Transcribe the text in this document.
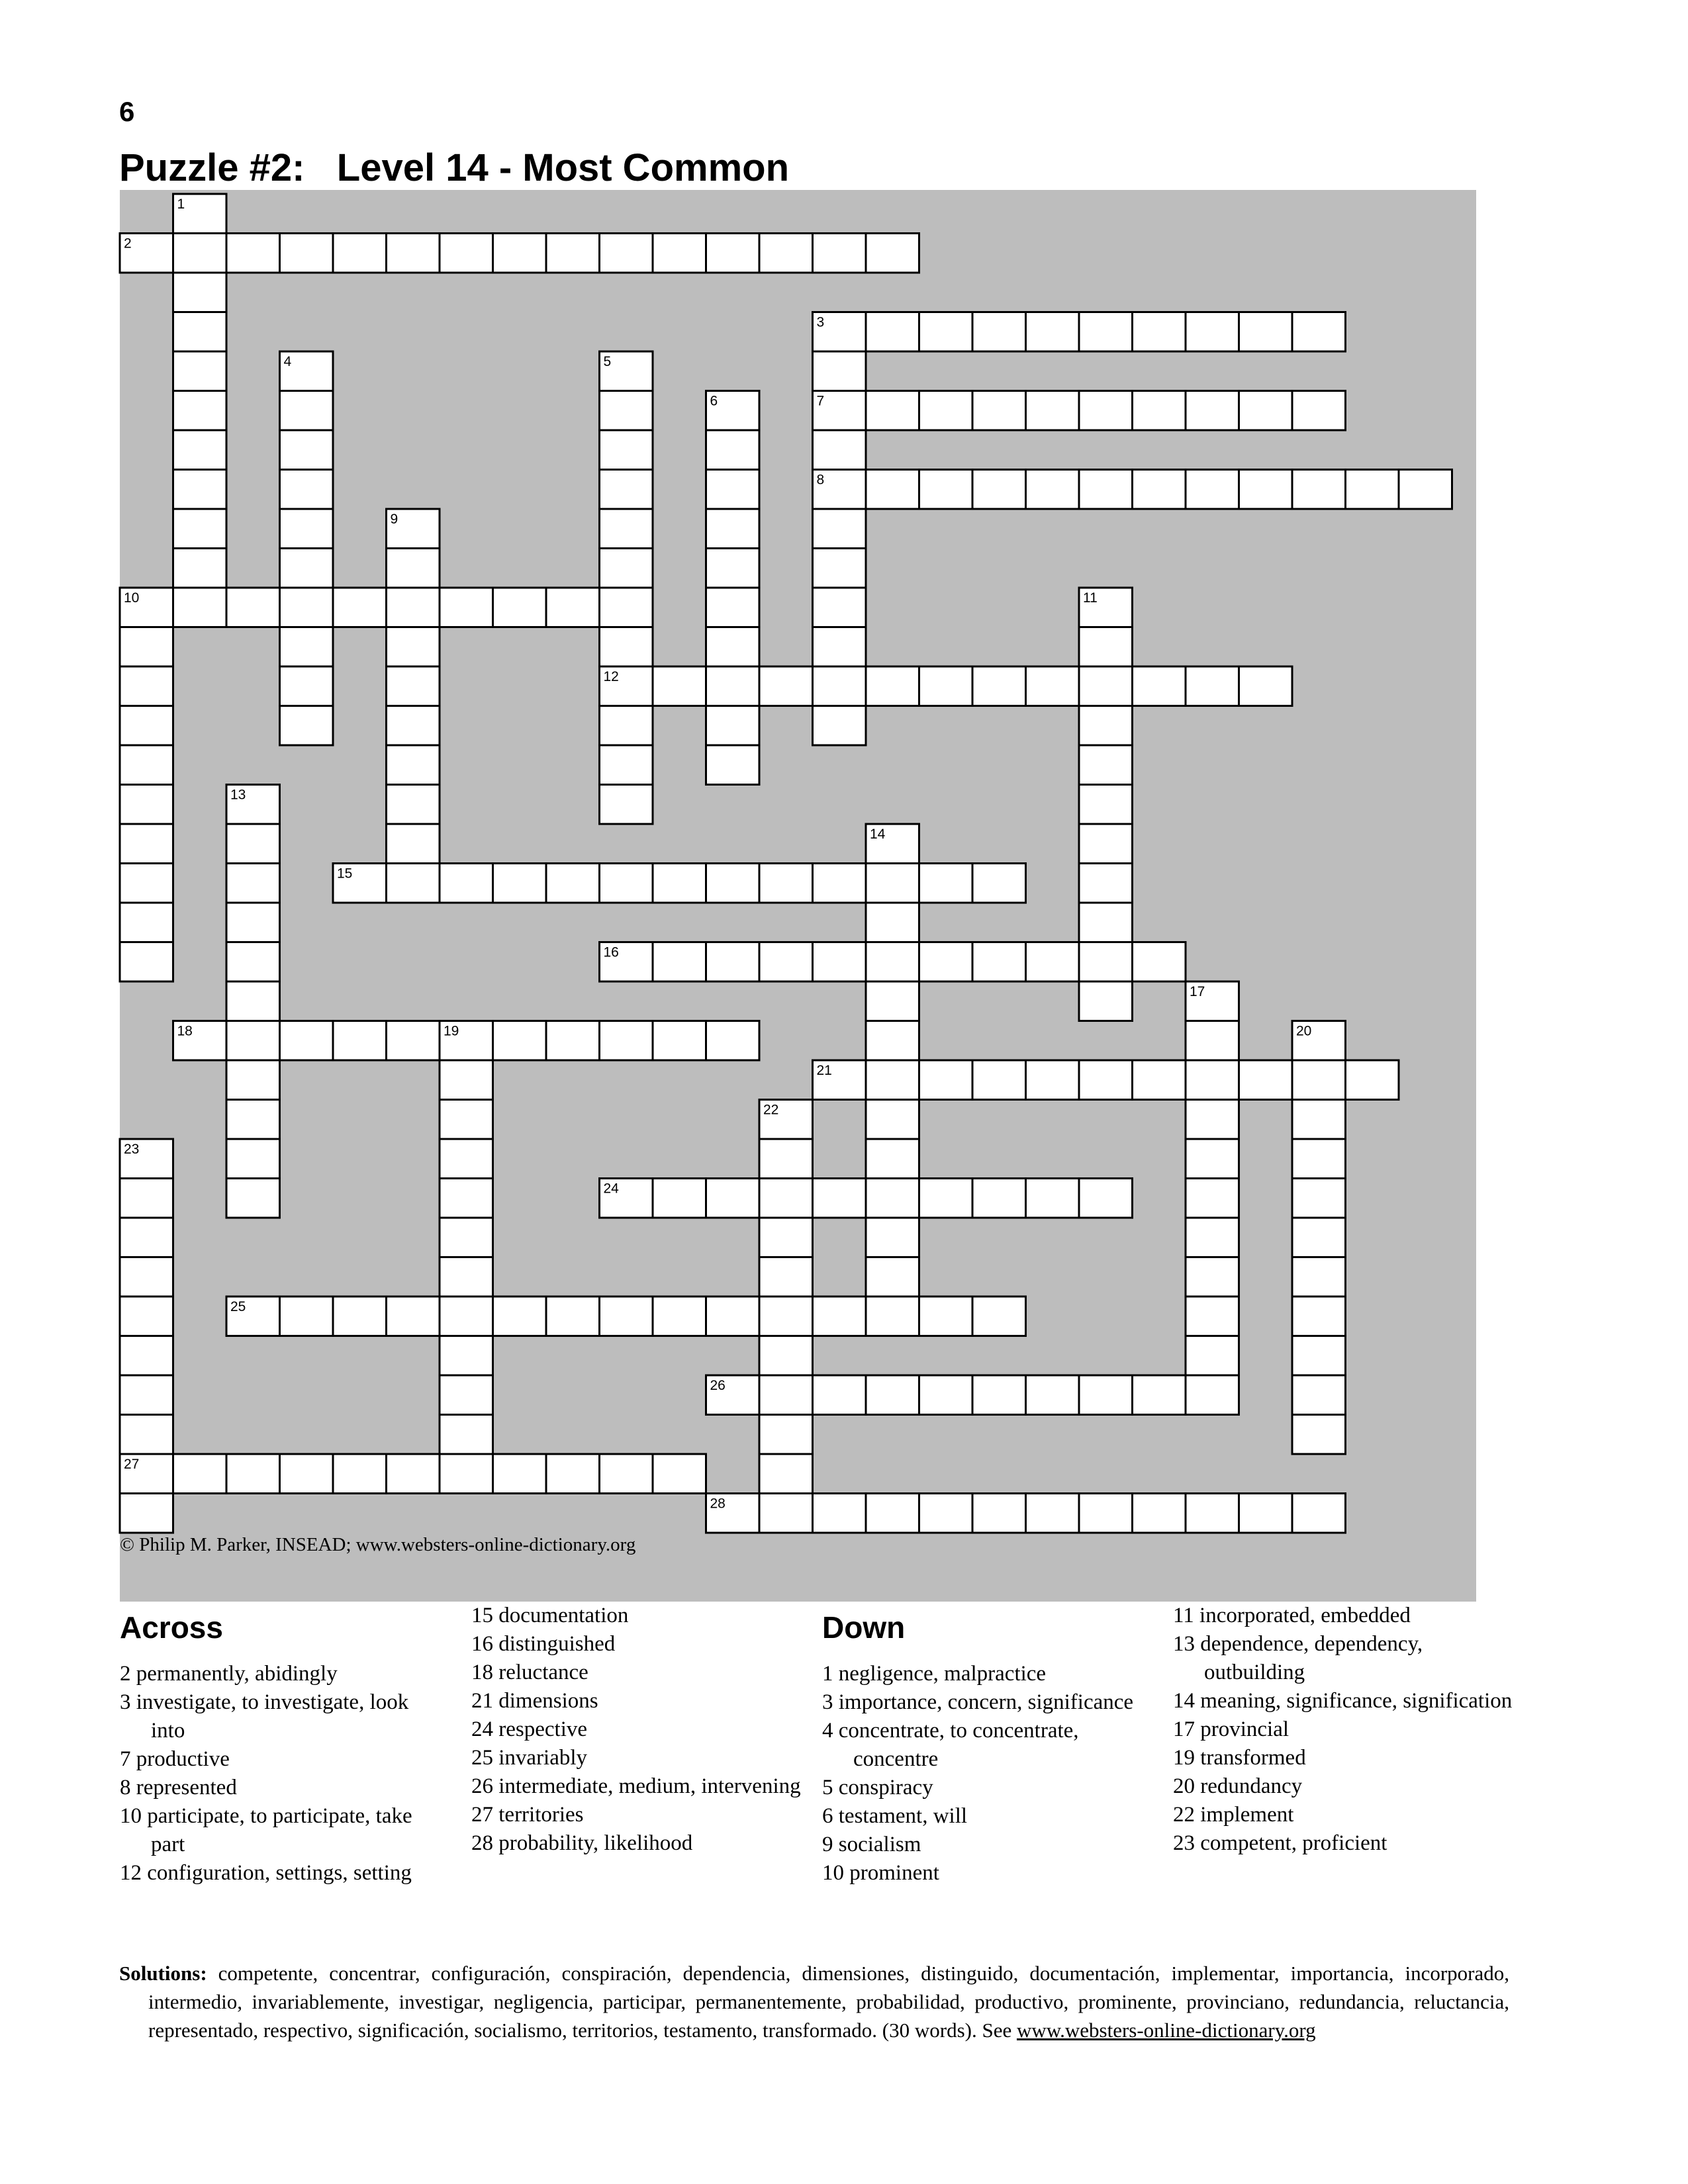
6
Puzzle #2:   Level 14 - Most Common
1
2
3
4	5
6	7
8
9
10	11
12
13
14
15
16
17
18	19	20
21
22
23
24
25
26
27
28
© Philip M. Parker, INSEAD; www.websters-online-dictionary.org
Across
2 permanently, abidingly
3 investigate, to investigate, look into
7 productive
8 represented
10 participate, to participate, take part
12 configuration, settings, setting
15 documentation
16 distinguished
18 reluctance
21 dimensions
24 respective
25 invariably
26 intermediate, medium, intervening
27 territories
28 probability, likelihood
Down
1 negligence, malpractice
3 importance, concern, significance
4 concentrate, to concentrate, concentre
5 conspiracy
6 testament, will
9 socialism
10 prominent
11 incorporated, embedded
13 dependence, dependency, outbuilding
14 meaning, significance, signification
17 provincial
19 transformed
20 redundancy
22 implement
23 competent, proficient
Solutions: competente, concentrar, configuración, conspiración, dependencia, dimensiones, distinguido, documentación, implementar, importancia, incorporado, intermedio, invariablemente, investigar, negligencia, participar, permanentemente, probabilidad, productivo, prominente, provinciano, redundancia, reluctancia, representado, respectivo, significación, socialismo, territorios, testamento, transformado. (30 words). See www.websters-online-dictionary.org
